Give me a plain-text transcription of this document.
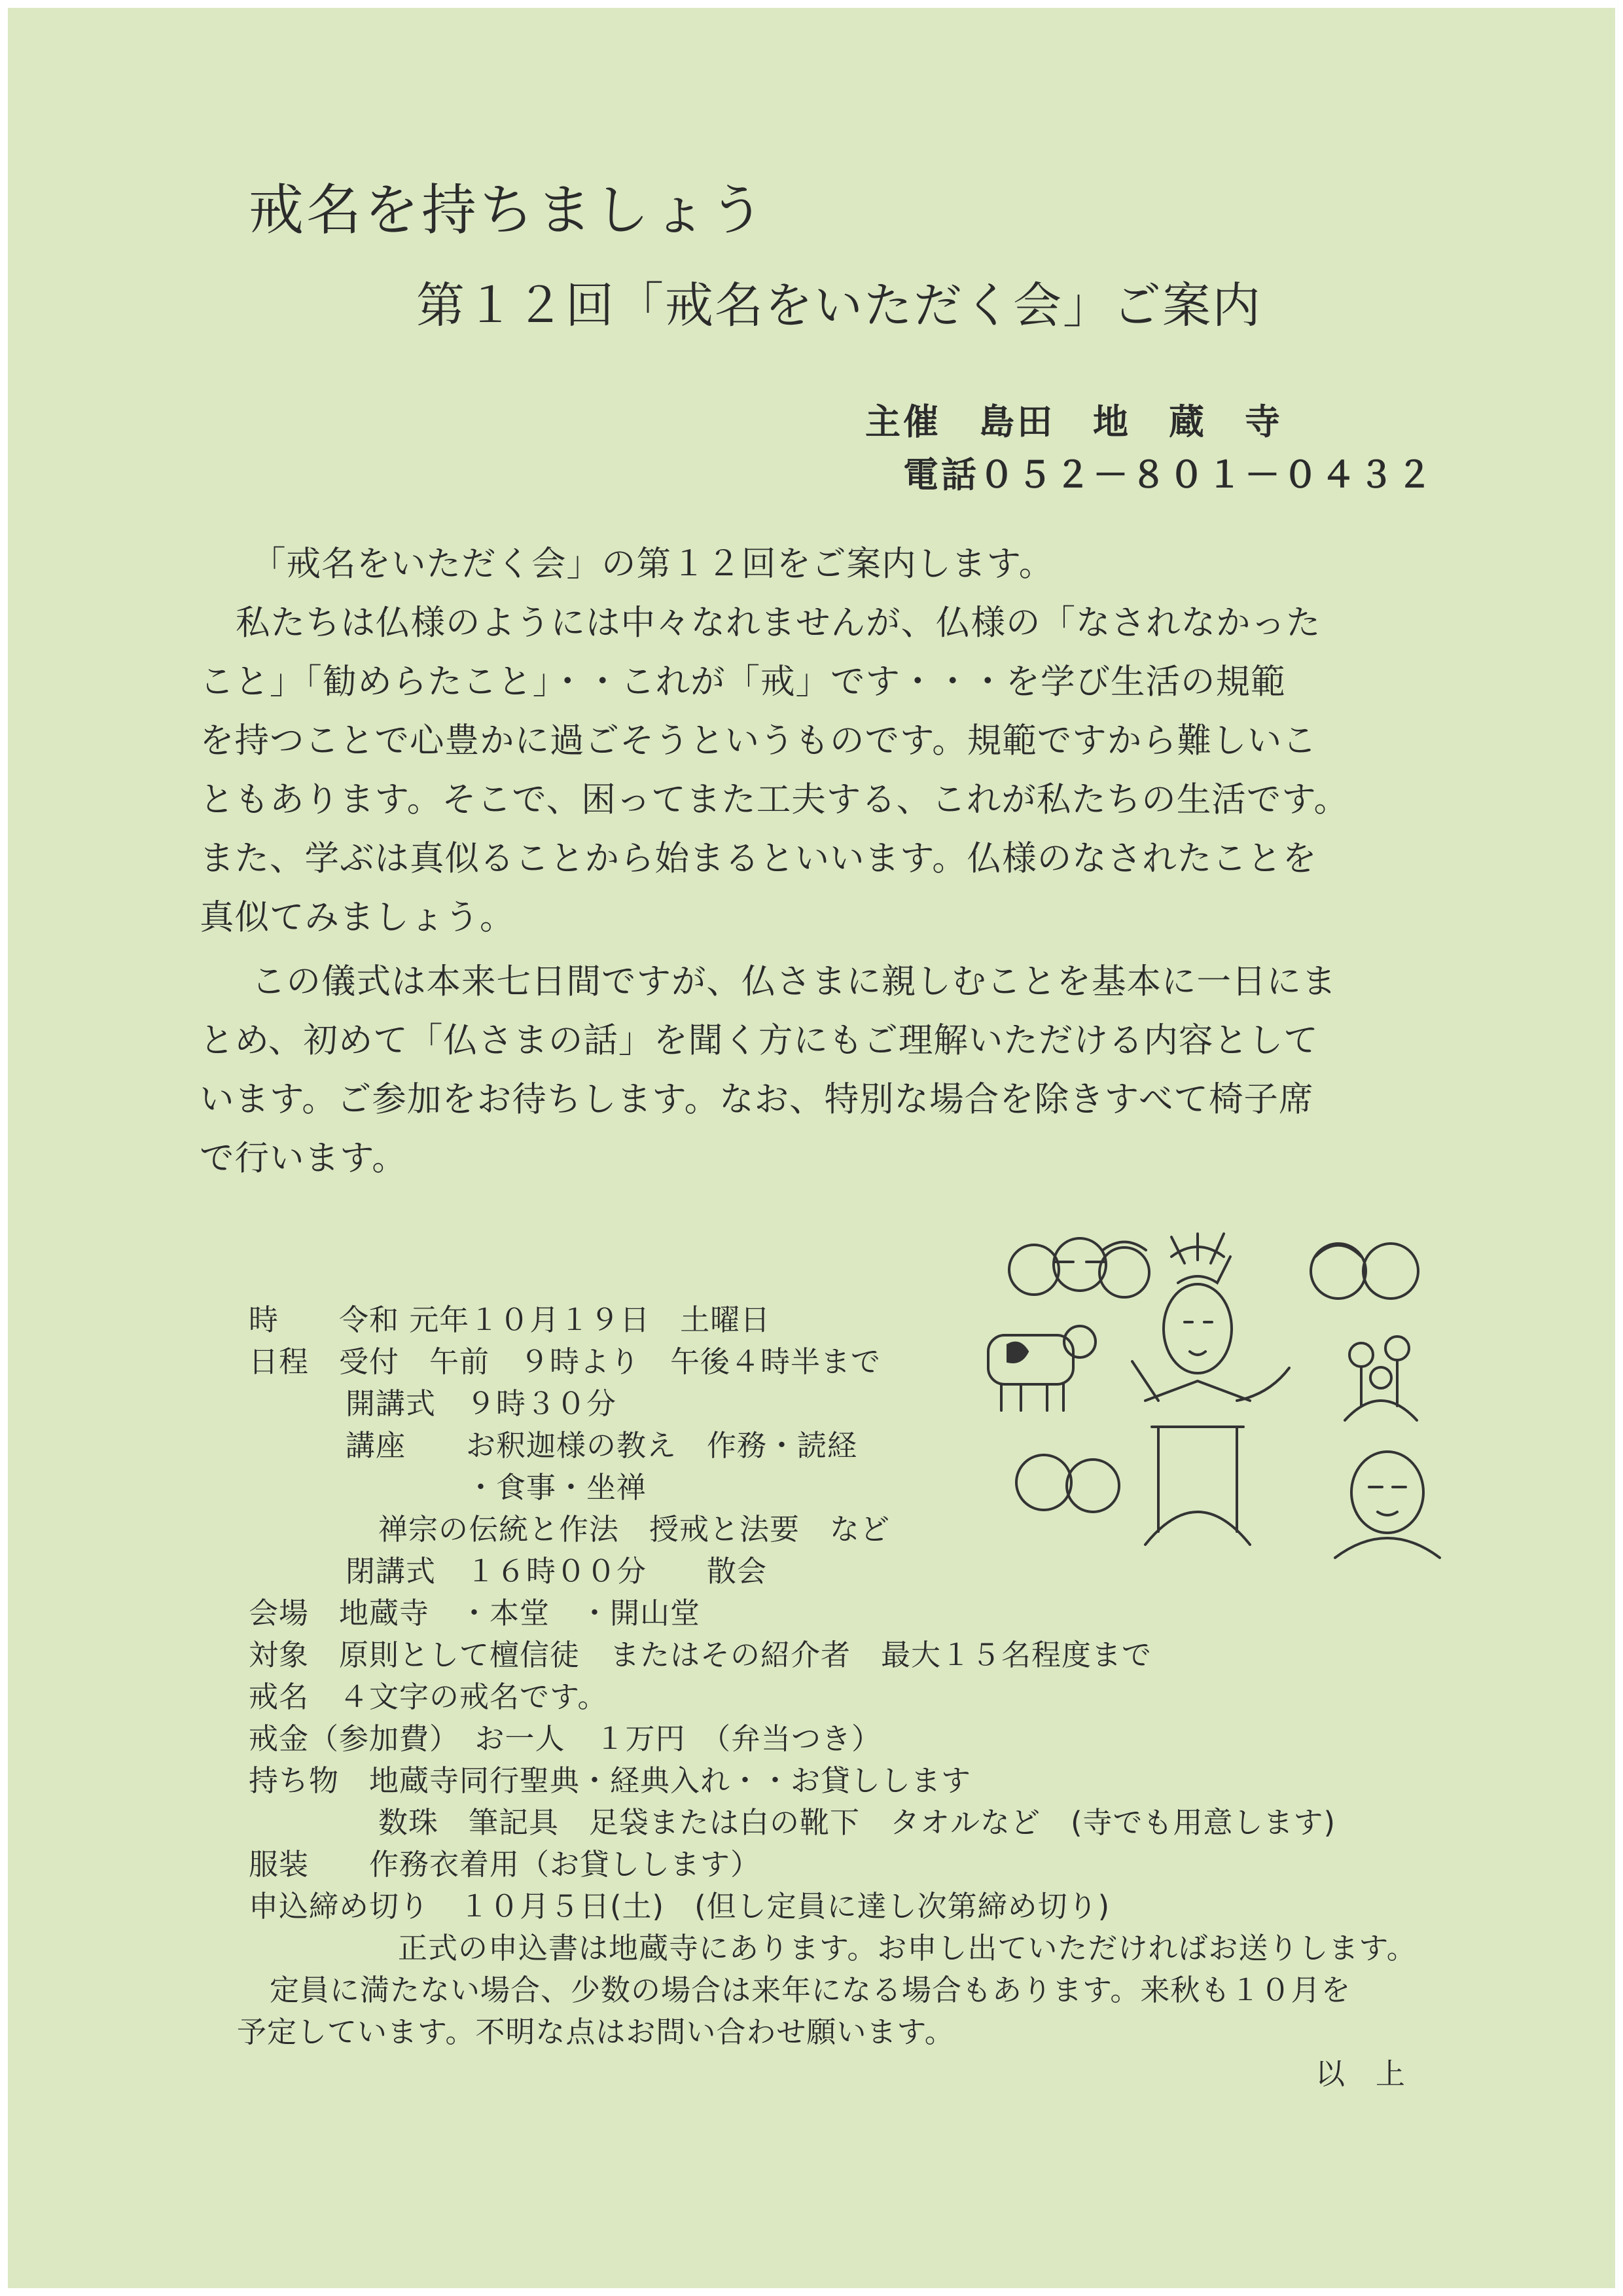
戒名を持ちましょう
第１２回「戒名をいただく会」ご案内
主催　島田　地　蔵　寺
電話０５２－８０１－０４３２
「戒名をいただく会」の第１２回をご案内します。
私たちは仏様のようには中々なれませんが、仏様の「なされなかった
こと」「勧めらたこと」・・これが「戒」です・・・を学び生活の規範
を持つことで心豊かに過ごそうというものです。規範ですから難しいこ
ともあります。そこで、困ってまた工夫する、これが私たちの生活です。
また、学ぶは真似ることから始まるといいます。仏様のなされたことを
真似てみましょう。
この儀式は本来七日間ですが、仏さまに親しむことを基本に一日にま
とめ、初めて「仏さまの話」を聞く方にもご理解いただける内容として
います。ご参加をお待ちします。なお、特別な場合を除きすべて椅子席
で行います。
時　　令和 元年１０月１９日　土曜日
日程　受付　午前　９時より　午後４時半まで
開講式　９時３０分
講座　　お釈迦様の教え　作務・読経
・食事・坐禅
禅宗の伝統と作法　授戒と法要　など
閉講式　１６時００分　　散会
会場　地蔵寺　・本堂　・開山堂
対象　原則として檀信徒　またはその紹介者　最大１５名程度まで
戒名　４文字の戒名です。
戒金（参加費）　お一人　１万円　（弁当つき）
持ち物　地蔵寺同行聖典・経典入れ・・お貸しします
数珠　筆記具　足袋または白の靴下　タオルなど　(寺でも用意します)
服装　　作務衣着用（お貸しします）
申込締め切り　１０月５日(土)　(但し定員に達し次第締め切り)
正式の申込書は地蔵寺にあります。お申し出ていただければお送りします。
定員に満たない場合、少数の場合は来年になる場合もあります。来秋も１０月を
予定しています。不明な点はお問い合わせ願います。
以　上
